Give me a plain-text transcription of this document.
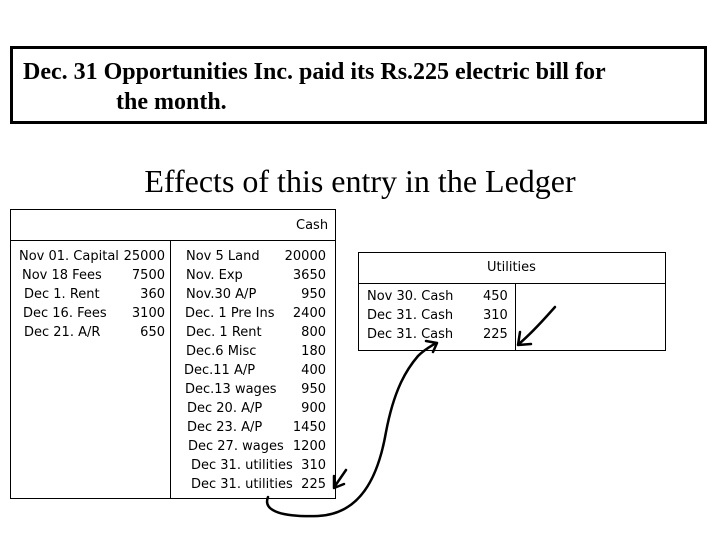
Dec. 31 Opportunities Inc. paid its Rs.225 electric bill for
the month.
Effects of this entry in the Ledger
Cash
Nov 01. Capital 25000
Nov 18 Fees 7500
Dec 1. Rent	360
Dec 16. Fees 3100
Dec 21. A/R	650
Nov 5 Land 20000
Nov. Exp	3650
Nov.30 A/P	950
Dec. 1 Pre Ins 2400
Dec. 1 Rent	800
Dec.6 Misc	180
Dec.11 A/P	400
Dec.13 wages 950
Dec 20. A/P	900
Dec 23. A/P 1450
Dec 27. wages 1200
Dec 31. utilities 310
Dec 31. utilities 225
Utilities
Nov 30. Cash 450
Dec 31. Cash 310
Dec 31. Cash 225
